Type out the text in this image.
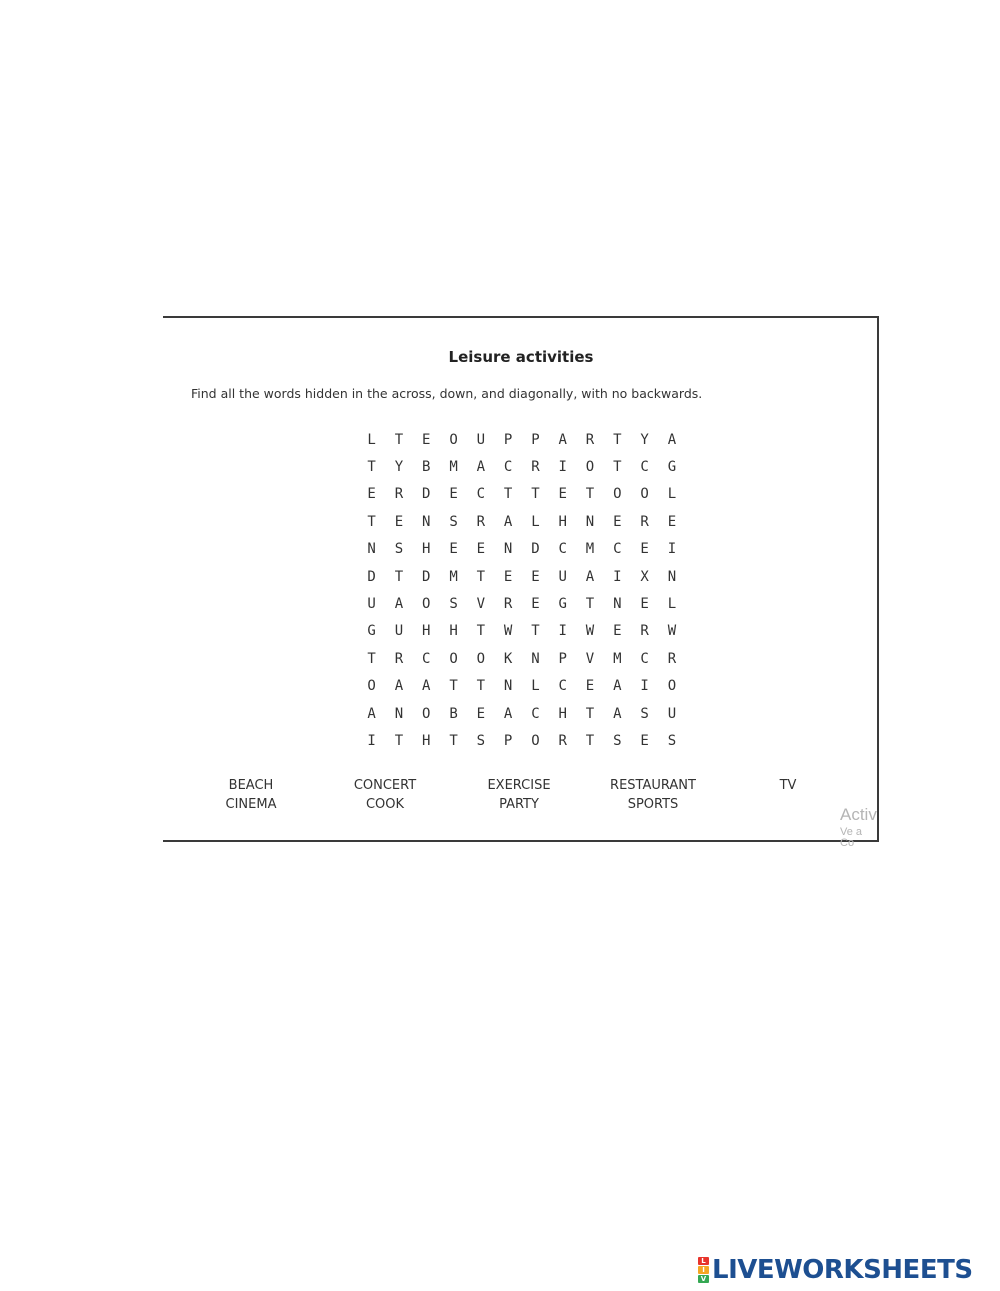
Leisure activities
Find all the words hidden in the across, down, and diagonally, with no backwards.
L	T	E	O	U	P	P	A	R	T	Y	A
T	Y	B	M	A	C	R	I	O	T	C	G
E	R	D	E	C	T	T	E	T	O	O	L
T	E	N	S	R	A	L	H	N	E	R	E
N	S	H	E	E	N	D	C	M	C	E	I
D	T	D	M	T	E	E	U	A	I	X	N
U	A	O	S	V	R	E	G	T	N	E	L
G	U	H	H	T	W	T	I	W	E	R	W
T	R	C	O	O	K	N	P	V	M	C	R
O	A	A	T	T	N	L	C	E	A	I	O
A	N	O	B	E	A	C	H	T	A	S	U
I	T	H	T	S	P	O	R	T	S	E	S
BEACH	CONCERT	EXERCISE	RESTAURANT	TV
CINEMA	COOK	PARTY	SPORTS
Activ
Ve a Co
L
I
V LIVEWORKSHEETS
